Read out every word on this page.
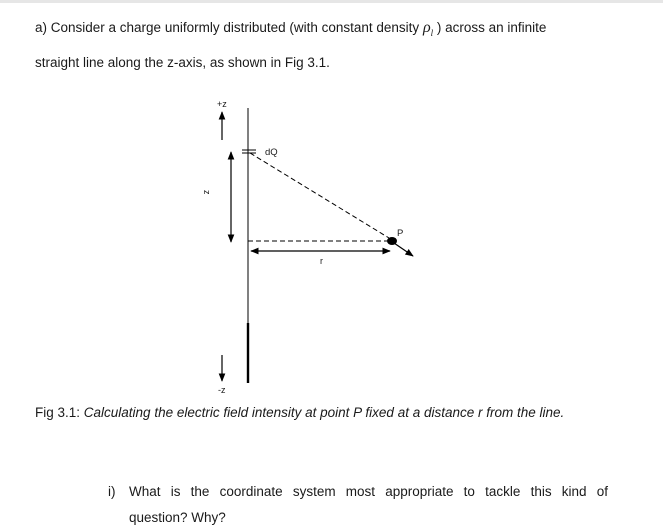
a) Consider a charge uniformly distributed (with constant density $\rho_l$ ) across an infinite
straight line along the z-axis, as shown in Fig 3.1.
+z
z
dQ
r
P
-z
Fig 3.1: Calculating the electric field intensity at point P fixed at a distance r from the line.
i) What is the coordinate system most appropriate to tackle this kind of
question? Why?
